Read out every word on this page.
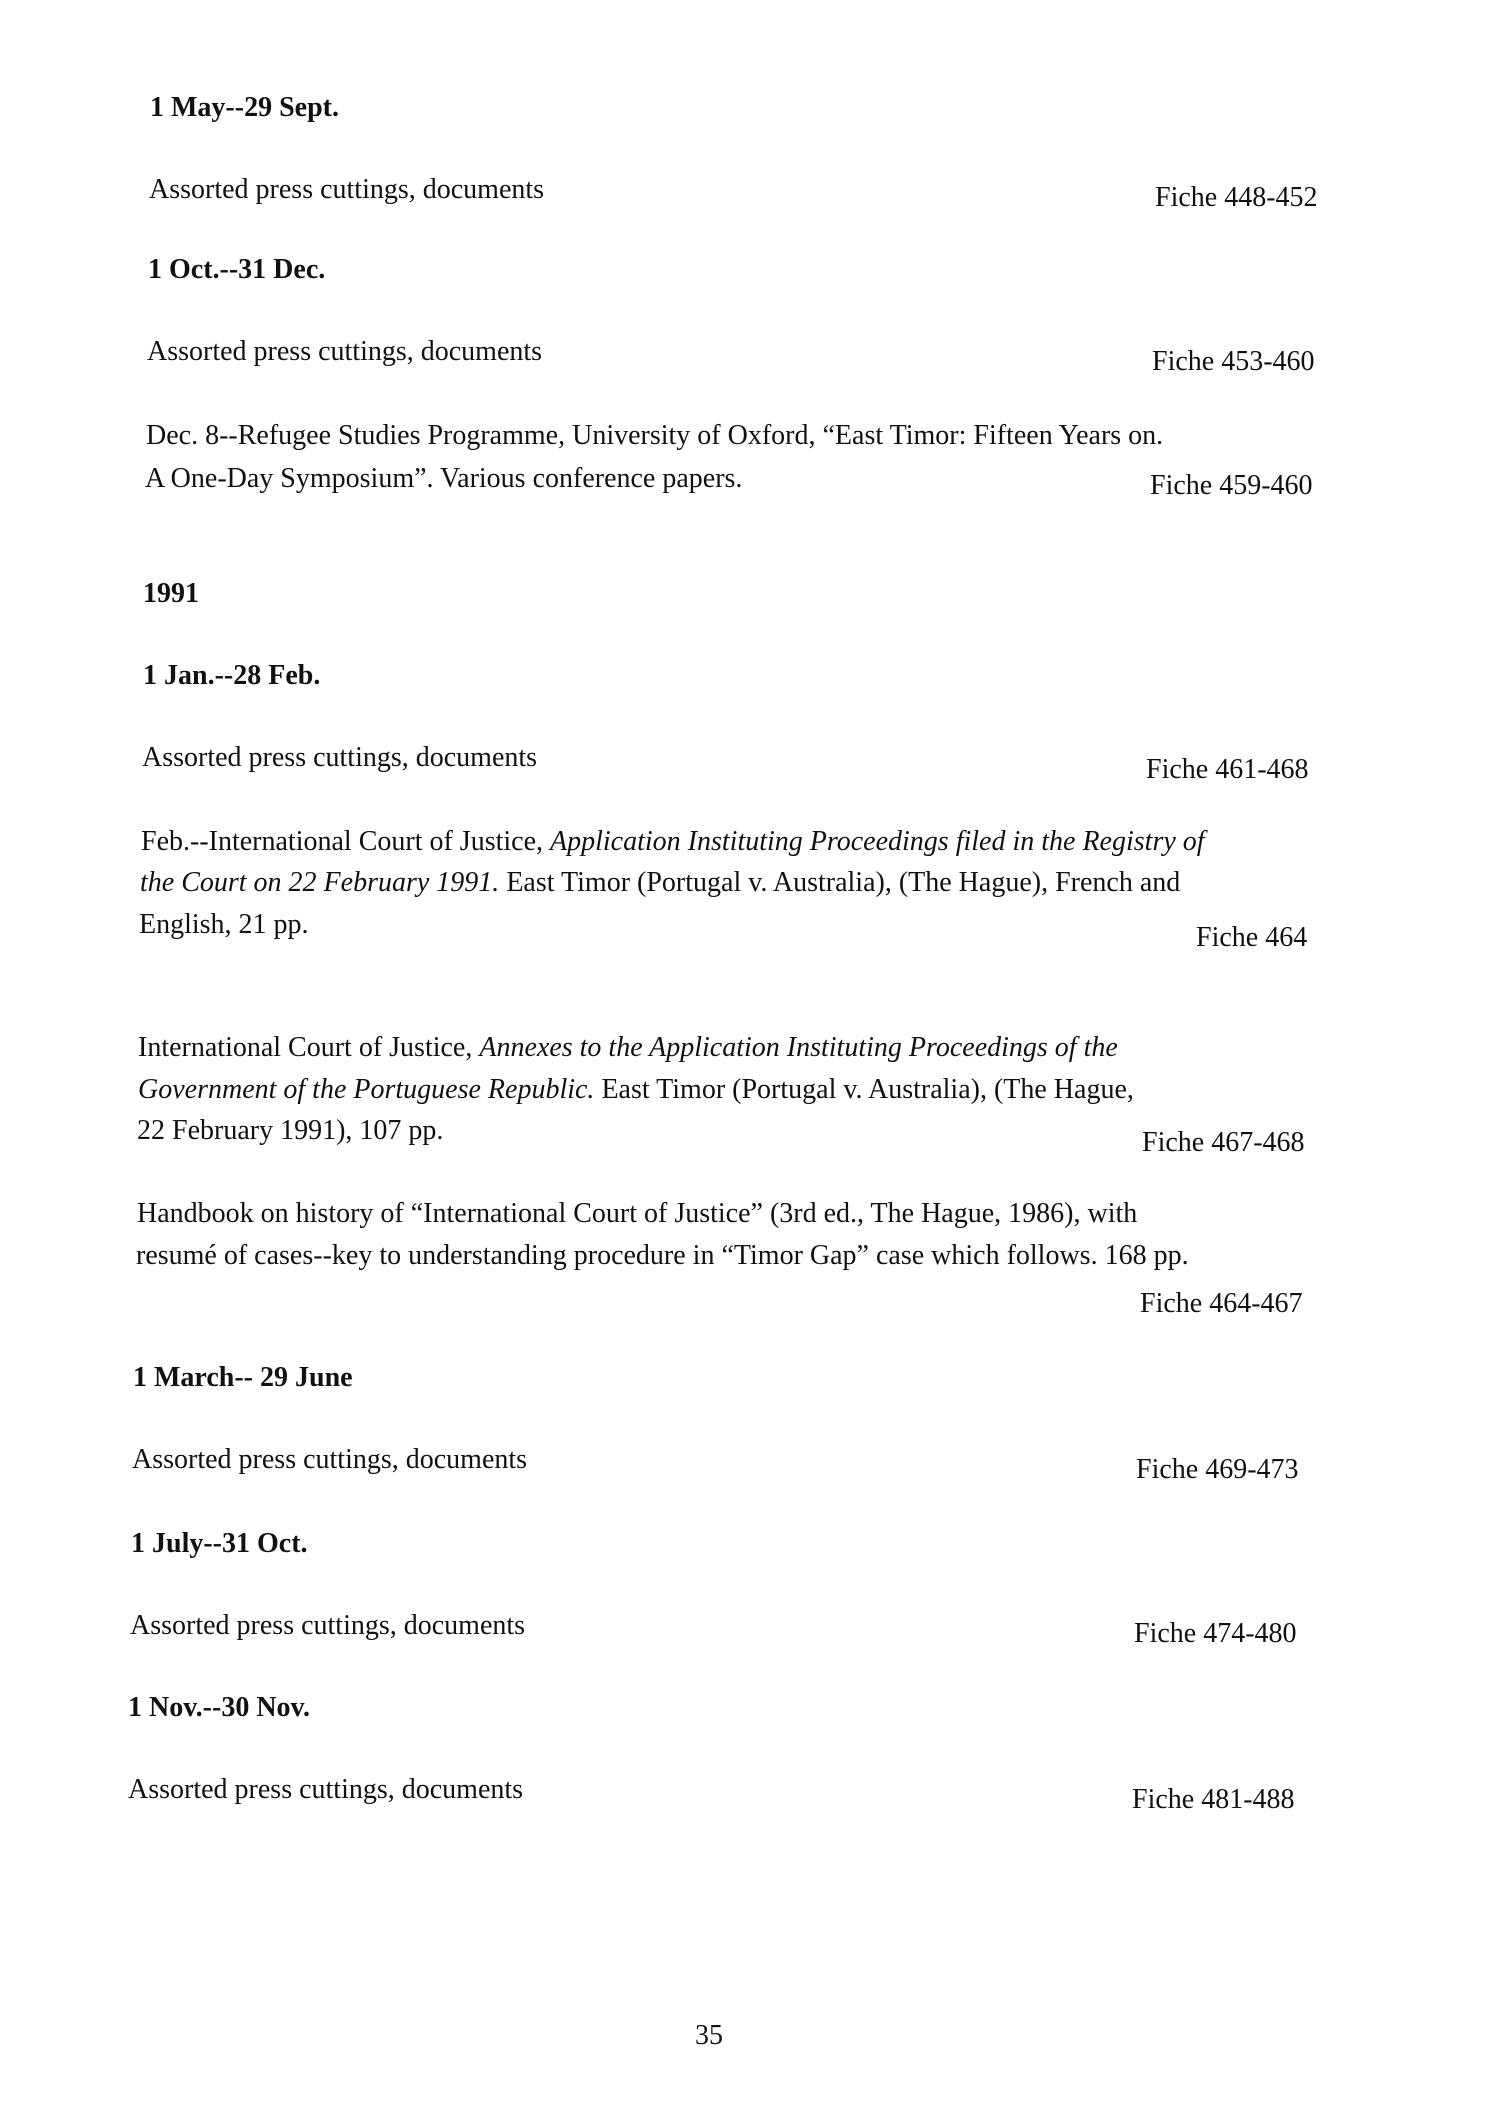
1 May--29 Sept.
Assorted press cuttings, documents	Fiche 448-452
1 Oct.--31 Dec.
Assorted press cuttings, documents	Fiche 453-460
Dec. 8--Refugee Studies Programme, University of Oxford, “East Timor: Fifteen Years on.
A One-Day Symposium”. Various conference papers.	Fiche 459-460
1991
1 Jan.--28 Feb.
Assorted press cuttings, documents	Fiche 461-468
Feb.--International Court of Justice, Application Instituting Proceedings filed in the Registry of
the Court on 22 February 1991. East Timor (Portugal v. Australia), (The Hague), French and
English, 21 pp.	Fiche 464
International Court of Justice, Annexes to the Application Instituting Proceedings of the
Government of the Portuguese Republic. East Timor (Portugal v. Australia), (The Hague,
22 February 1991), 107 pp.	Fiche 467-468
Handbook on history of “International Court of Justice” (3rd ed., The Hague, 1986), with
resumé of cases--key to understanding procedure in “Timor Gap” case which follows. 168 pp.
Fiche 464-467
1 March-- 29 June
Assorted press cuttings, documents	Fiche 469-473
1 July--31 Oct.
Assorted press cuttings, documents	Fiche 474-480
1 Nov.--30 Nov.
Assorted press cuttings, documents	Fiche 481-488
35
